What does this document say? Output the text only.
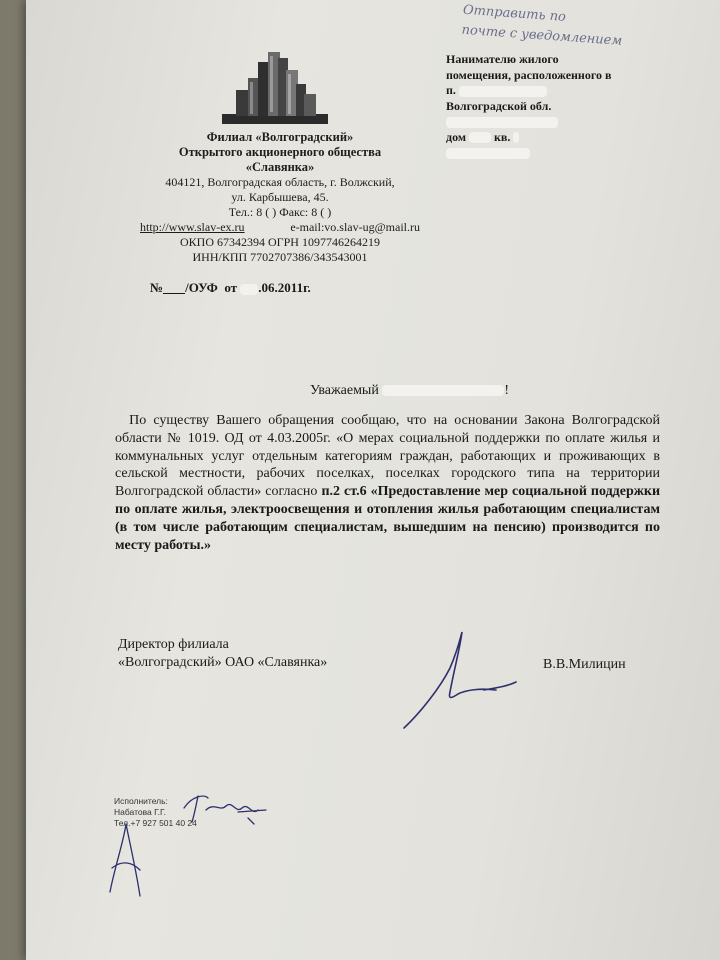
Отправить по
почте с уведомлением
Филиал «Волгоградский»
Открытого акционерного общества
«Славянка»
404121, Волгоградская область, г. Волжский,
ул. Карбышева, 45.
Тел.: 8 ( ) Факс: 8 ( )
http://www.slav-ex.ru	e-mail:vo.slav-ug@mail.ru
ОКПО 67342394 ОГРН 1097746264219
ИНН/КПП 7702707386/343543001
Нанимателю жилого
помещения, расположенного в
п.
Волгоградской обл.
дом кв.
№ /ОУФ от .06.2011г.
Уважаемый	!
По существу Вашего обращения сообщаю, что на основании Закона Волгоградской области № 1019. ОД от 4.03.2005г. «О мерах социальной поддержки по оплате жилья и коммунальных услуг отдельным категориям граждан, работающих и проживающих в сельской местности, рабочих поселках, поселках городского типа на территории Волгоградской области» согласно п.2 ст.6 «Предоставление мер социальной поддержки по оплате жилья, электроосвещения и отопления жилья работающим специалистам (в том числе работающим специалистам, вышедшим на пенсию) производится по месту работы.»
Директор филиала
«Волгоградский» ОАО «Славянка»	В.В.Милицин
Исполнитель:
Набатова Г.Г.
Тел.+7 927 501 40 24
